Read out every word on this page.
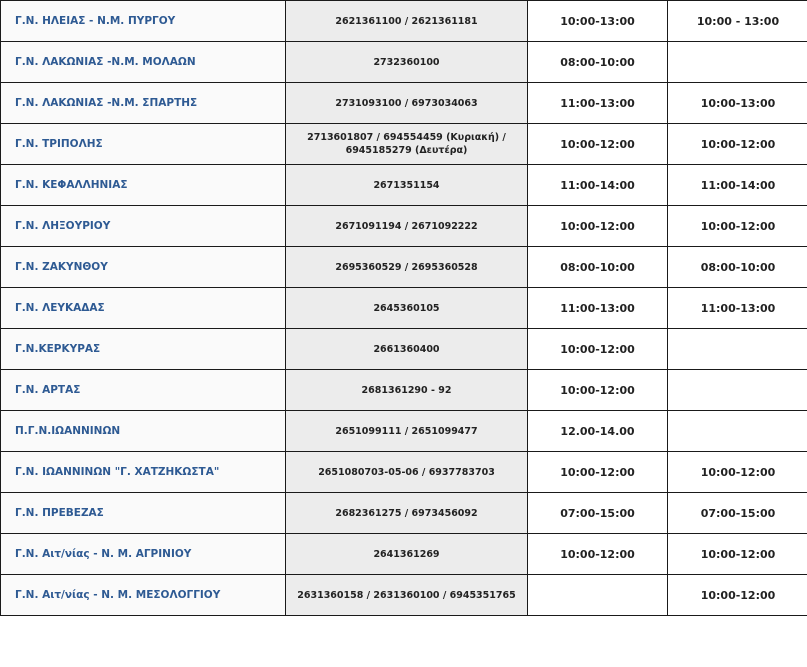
Γ.Ν. ΗΛΕΙΑΣ - Ν.Μ. ΠΥΡΓΟΥ	2621361100 / 2621361181	10:00-13:00	10:00 - 13:00
Γ.Ν. ΛΑΚΩΝΙΑΣ -Ν.Μ. ΜΟΛΑΩΝ	2732360100	08:00-10:00	
Γ.Ν. ΛΑΚΩΝΙΑΣ -Ν.Μ. ΣΠΑΡΤΗΣ	2731093100 / 6973034063	11:00-13:00	10:00-13:00
Γ.Ν. ΤΡΙΠΟΛΗΣ	2713601807 / 694554459 (Κυριακή) / 6945185279 (Δευτέρα)	10:00-12:00	10:00-12:00
Γ.Ν. ΚΕΦΑΛΛΗΝΙΑΣ	2671351154	11:00-14:00	11:00-14:00
Γ.Ν. ΛΗΞΟΥΡΙΟΥ	2671091194 / 2671092222	10:00-12:00	10:00-12:00
Γ.Ν. ΖΑΚΥΝΘΟΥ	2695360529 / 2695360528	08:00-10:00	08:00-10:00
Γ.Ν. ΛΕΥΚΑΔΑΣ	2645360105	11:00-13:00	11:00-13:00
Γ.Ν.ΚΕΡΚΥΡΑΣ	2661360400	10:00-12:00	
Γ.Ν. ΑΡΤΑΣ	2681361290 - 92	10:00-12:00	
Π.Γ.Ν.ΙΩΑΝΝΙΝΩΝ	2651099111 / 2651099477	12.00-14.00	
Γ.Ν. ΙΩΑΝΝΙΝΩΝ "Γ. ΧΑΤΖΗΚΩΣΤΑ"	2651080703-05-06 / 6937783703	10:00-12:00	10:00-12:00
Γ.Ν. ΠΡΕΒΕΖΑΣ	2682361275 / 6973456092	07:00-15:00	07:00-15:00
Γ.Ν. Αιτ/νίας - Ν. Μ. ΑΓΡΙΝΙΟΥ	2641361269	10:00-12:00	10:00-12:00
Γ.Ν. Αιτ/νίας - Ν. Μ. ΜΕΣΟΛΟΓΓΙΟΥ	2631360158 / 2631360100 / 6945351765		10:00-12:00
